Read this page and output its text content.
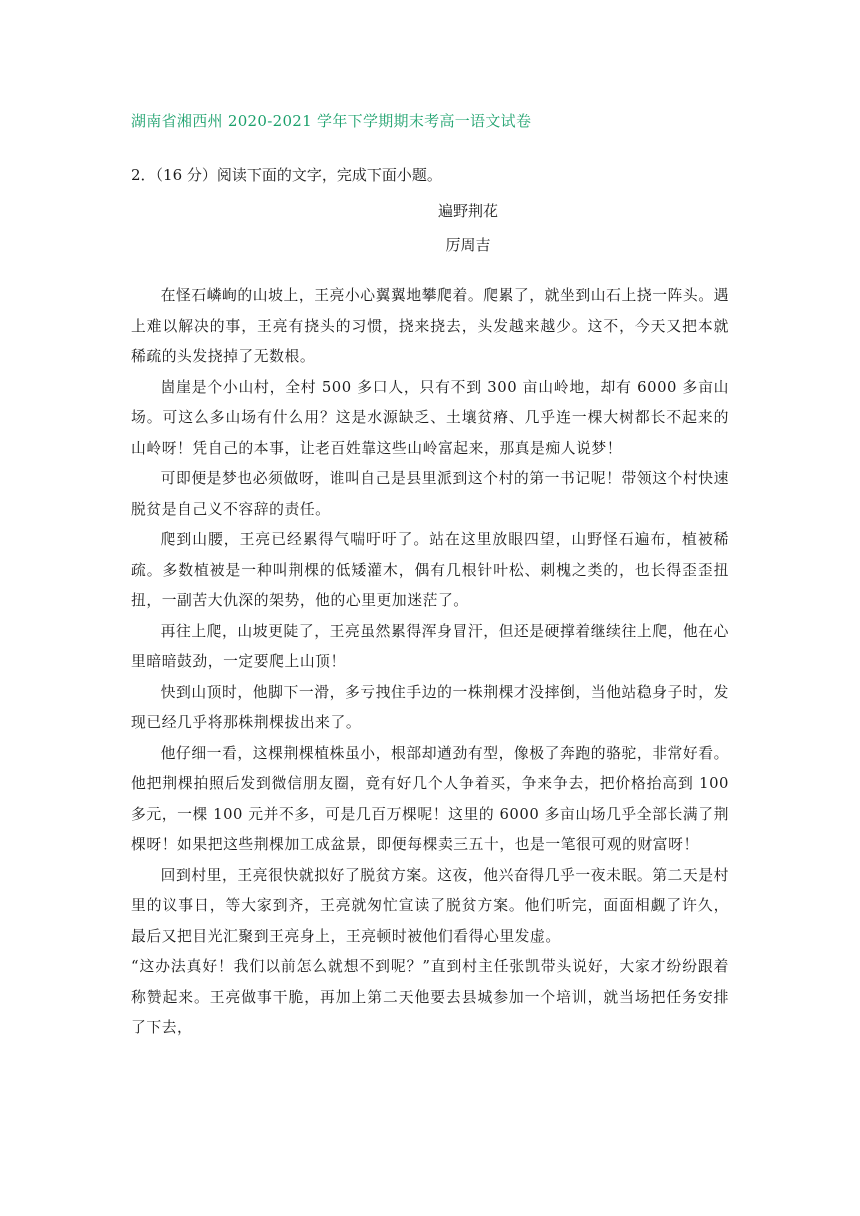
湖南省湘西州 2020-2021 学年下学期期末考高一语文试卷
2．（16 分）阅读下面的文字，完成下面小题。
遍野荆花
厉周吉

在怪石嶙峋的山坡上，王亮小心翼翼地攀爬着。爬累了，就坐到山石上挠一阵头。遇上难以解决的事，王亮有挠头的习惯，挠来挠去，头发越来越少。这不，今天又把本就稀疏的头发挠掉了无数根。

崮崖是个小山村，全村 500 多口人，只有不到 300 亩山岭地，却有 6000 多亩山场。可这么多山场有什么用？这是水源缺乏、土壤贫瘠、几乎连一棵大树都长不起来的山岭呀！凭自己的本事，让老百姓靠这些山岭富起来，那真是痴人说梦！

可即便是梦也必须做呀，谁叫自己是县里派到这个村的第一书记呢！带领这个村快速脱贫是自己义不容辞的责任。

爬到山腰，王亮已经累得气喘吁吁了。站在这里放眼四望，山野怪石遍布，植被稀疏。多数植被是一种叫荆棵的低矮灌木，偶有几根针叶松、刺槐之类的，也长得歪歪扭扭，一副苦大仇深的架势，他的心里更加迷茫了。

再往上爬，山坡更陡了，王亮虽然累得浑身冒汗，但还是硬撑着继续往上爬，他在心里暗暗鼓劲，一定要爬上山顶！

快到山顶时，他脚下一滑，多亏拽住手边的一株荆棵才没摔倒，当他站稳身子时，发现已经几乎将那株荆棵拔出来了。

他仔细一看，这棵荆棵植株虽小，根部却遒劲有型，像极了奔跑的骆驼，非常好看。他把荆棵拍照后发到微信朋友圈，竟有好几个人争着买，争来争去，把价格抬高到 100 多元，一棵 100 元并不多，可是几百万棵呢！这里的 6000 多亩山场几乎全部长满了荆棵呀！如果把这些荆棵加工成盆景，即便每棵卖三五十，也是一笔很可观的财富呀！

回到村里，王亮很快就拟好了脱贫方案。这夜，他兴奋得几乎一夜未眠。第二天是村里的议事日，等大家到齐，王亮就匆忙宣读了脱贫方案。他们听完，面面相觑了许久，最后又把目光汇聚到王亮身上，王亮顿时被他们看得心里发虚。

“这办法真好！我们以前怎么就想不到呢？”直到村主任张凯带头说好，大家才纷纷跟着称赞起来。王亮做事干脆，再加上第二天他要去县城参加一个培训，就当场把任务安排了下去，
